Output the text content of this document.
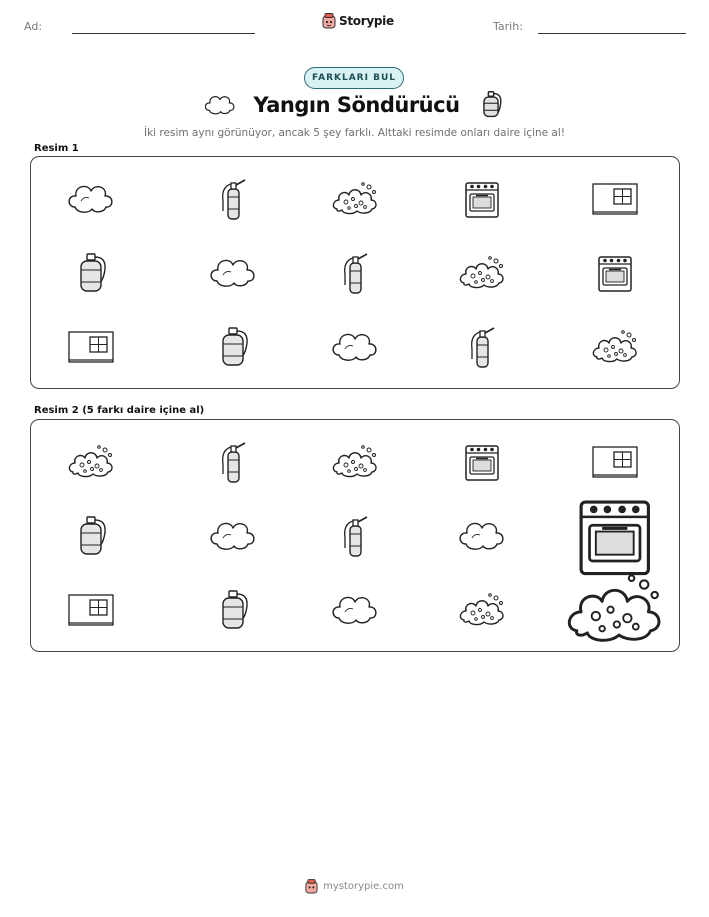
Ad:	Storypie	Tarih:
FARKLARI BUL
Yangın Söndürücü
İki resim aynı görünüyor, ancak 5 şey farklı. Alttaki resimde onları daire içine al!
Resim 1
Resim 2 (5 farkı daire içine al)
mystorypie.com
